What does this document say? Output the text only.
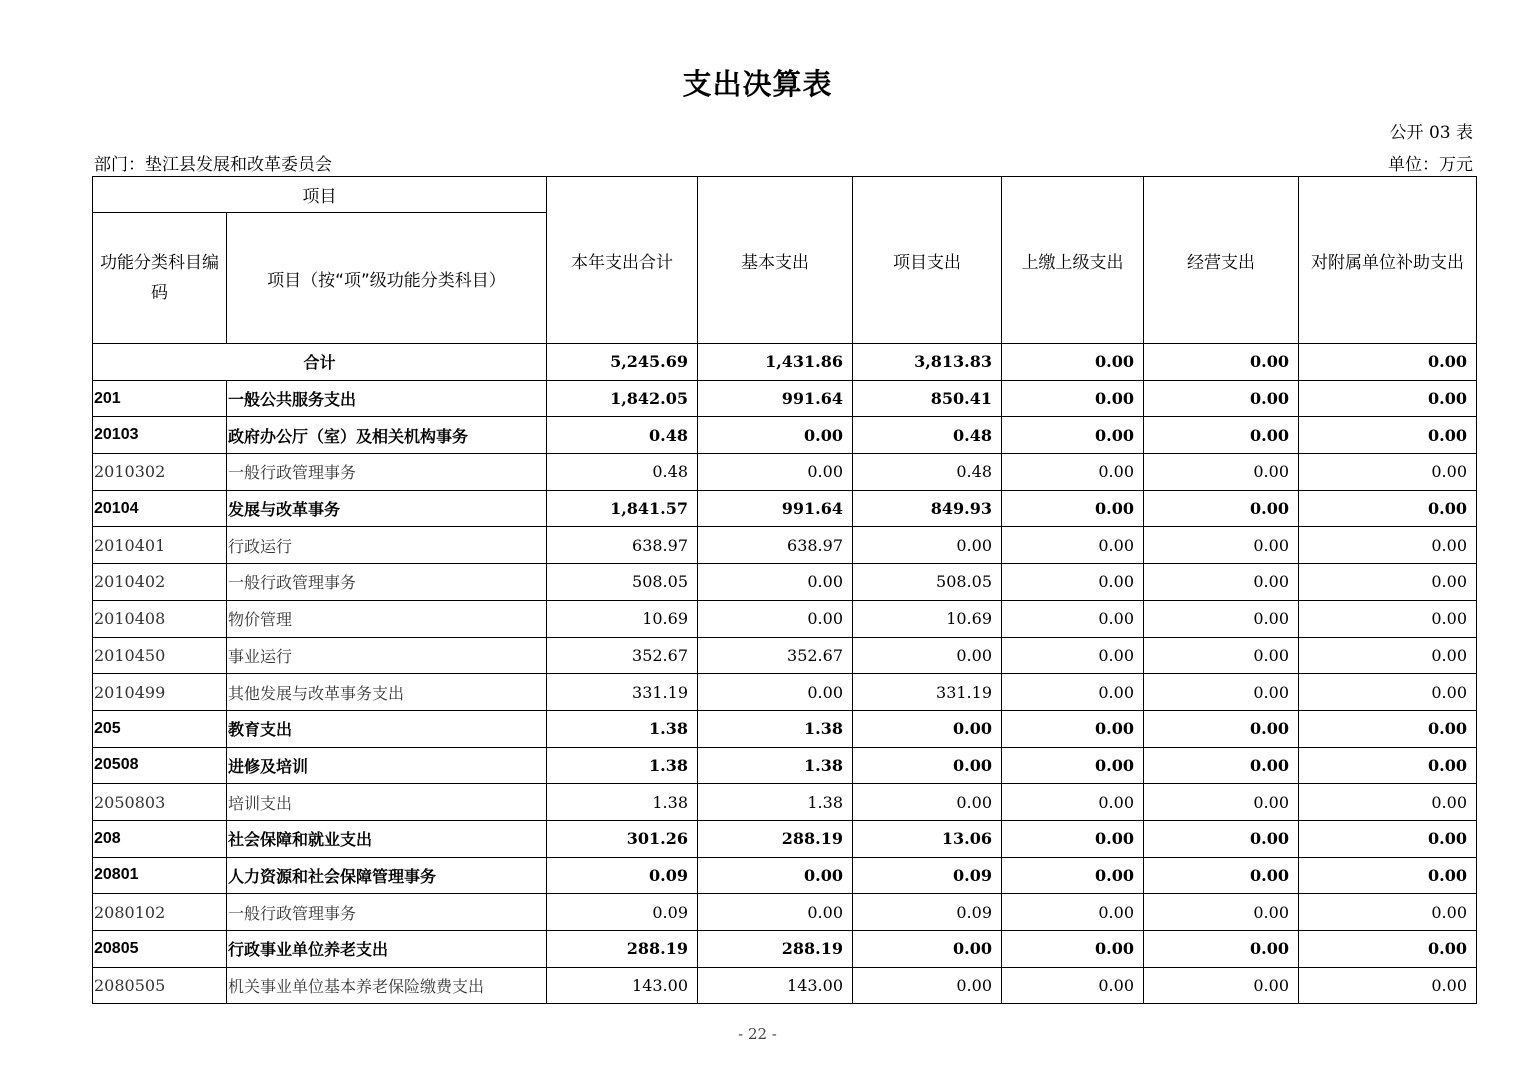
支出决算表
公开 03 表
部门：垫江县发展和改革委员会	单位：万元
项目		本年支出合计	基本支出	项目支出	上缴上级支出	经营支出	对附属单位补助支出
功能分类科目编码	项目（按“项”级功能分类科目）						
合计		5,245.69	1,431.86	3,813.83	0.00	0.00	0.00
201	一般公共服务支出	1,842.05	991.64	850.41	0.00	0.00	0.00
20103	政府办公厅（室）及相关机构事务	0.48	0.00	0.48	0.00	0.00	0.00
2010302	一般行政管理事务	0.48	0.00	0.48	0.00	0.00	0.00
20104	发展与改革事务	1,841.57	991.64	849.93	0.00	0.00	0.00
2010401	行政运行	638.97	638.97	0.00	0.00	0.00	0.00
2010402	一般行政管理事务	508.05	0.00	508.05	0.00	0.00	0.00
2010408	物价管理	10.69	0.00	10.69	0.00	0.00	0.00
2010450	事业运行	352.67	352.67	0.00	0.00	0.00	0.00
2010499	其他发展与改革事务支出	331.19	0.00	331.19	0.00	0.00	0.00
205	教育支出	1.38	1.38	0.00	0.00	0.00	0.00
20508	进修及培训	1.38	1.38	0.00	0.00	0.00	0.00
2050803	培训支出	1.38	1.38	0.00	0.00	0.00	0.00
208	社会保障和就业支出	301.26	288.19	13.06	0.00	0.00	0.00
20801	人力资源和社会保障管理事务	0.09	0.00	0.09	0.00	0.00	0.00
2080102	一般行政管理事务	0.09	0.00	0.09	0.00	0.00	0.00
20805	行政事业单位养老支出	288.19	288.19	0.00	0.00	0.00	0.00
2080505	机关事业单位基本养老保险缴费支出	143.00	143.00	0.00	0.00	0.00	0.00
- 22 -
